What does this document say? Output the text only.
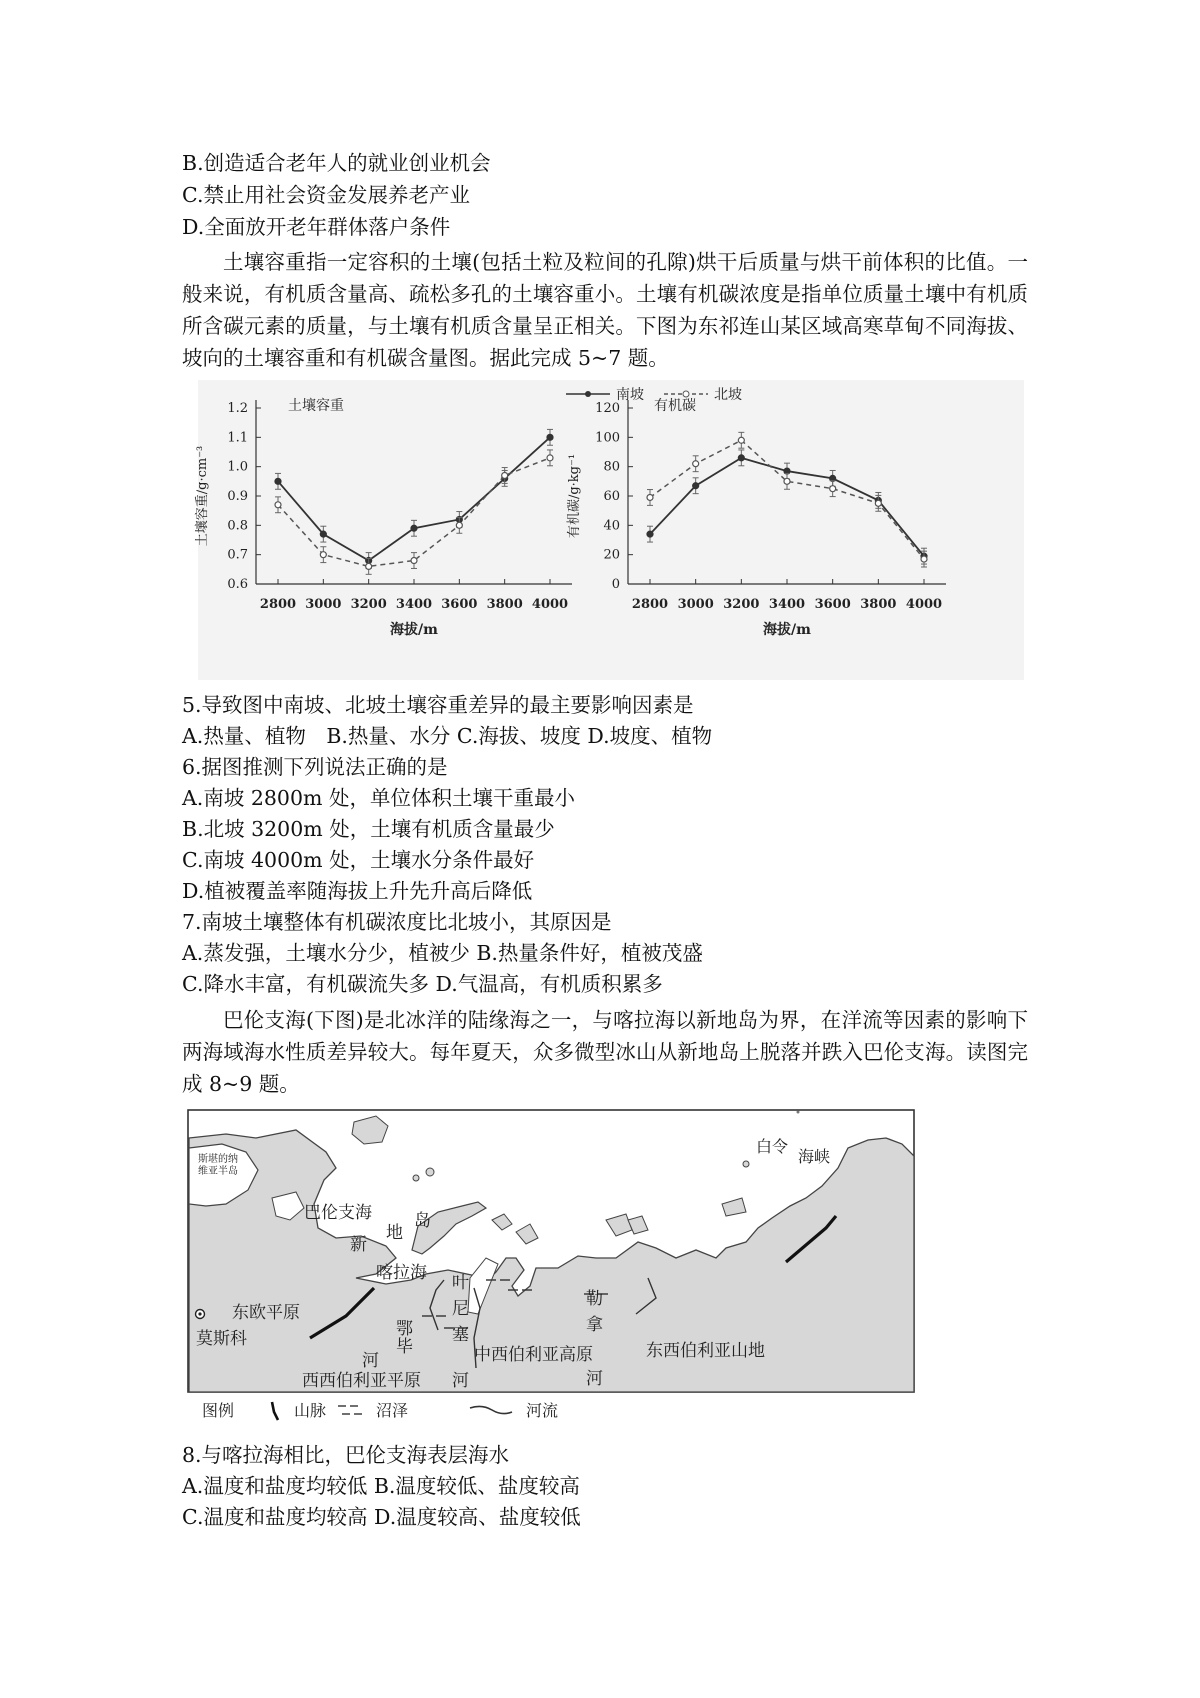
B.创造适合老年人的就业创业机会
C.禁止用社会资金发展养老产业
D.全面放开老年群体落户条件

土壤容重指一定容积的土壤(包括土粒及粒间的孔隙)烘干后质量与烘干前体积的比值。一般来说，有机质含量高、疏松多孔的土壤容重小。土壤有机碳浓度是指单位质量土壤中有机质所含碳元素的质量，与土壤有机质含量呈正相关。下图为东祁连山某区域高寒草甸不同海拔、坡向的土壤容重和有机碳含量图。据此完成 5~7 题。

南坡	北坡
0.6
0.7
0.8
0.9
1.0
1.1
1.2
2800 3000 3200 3400 3600 3800 4000
土壤容重
海拔/m
土壤容重/g·cm⁻³
0
20
40
60
80
100
120
2800 3000 3200 3400 3600 3800 4000
有机碳
海拔/m
有机碳/g·kg⁻¹
5.导致图中南坡、北坡土壤容重差异的最主要影响因素是
A.热量、植物　B.热量、水分 C.海拔、坡度 D.坡度、植物
6.据图推测下列说法正确的是
A.南坡 2800m 处，单位体积土壤干重最小
B.北坡 3200m 处，土壤有机质含量最少
C.南坡 4000m 处，土壤水分条件最好
D.植被覆盖率随海拔上升先升高后降低
7.南坡土壤整体有机碳浓度比北坡小，其原因是
A.蒸发强，土壤水分少，植被少 B.热量条件好，植被茂盛
C.降水丰富，有机碳流失多 D.气温高，有机质积累多

巴伦支海(下图)是北冰洋的陆缘海之一，与喀拉海以新地岛为界，在洋流等因素的影响下两海域海水性质差异较大。每年夏天，众多微型冰山从新地岛上脱落并跌入巴伦支海。读图完成 8~9 题。

斯堪的纳
维亚半岛
巴伦支海
新
地
岛
喀拉海
东欧平原
莫斯科	鄂
毕
河
叶
尼
塞
河
勒
拿
河
西西伯利亚平原
中西伯利亚高原	东西伯利亚山地
白令
海峡
图例	山脉	沼泽	河流
8.与喀拉海相比，巴伦支海表层海水
A.温度和盐度均较低 B.温度较低、盐度较高
C.温度和盐度均较高 D.温度较高、盐度较低
